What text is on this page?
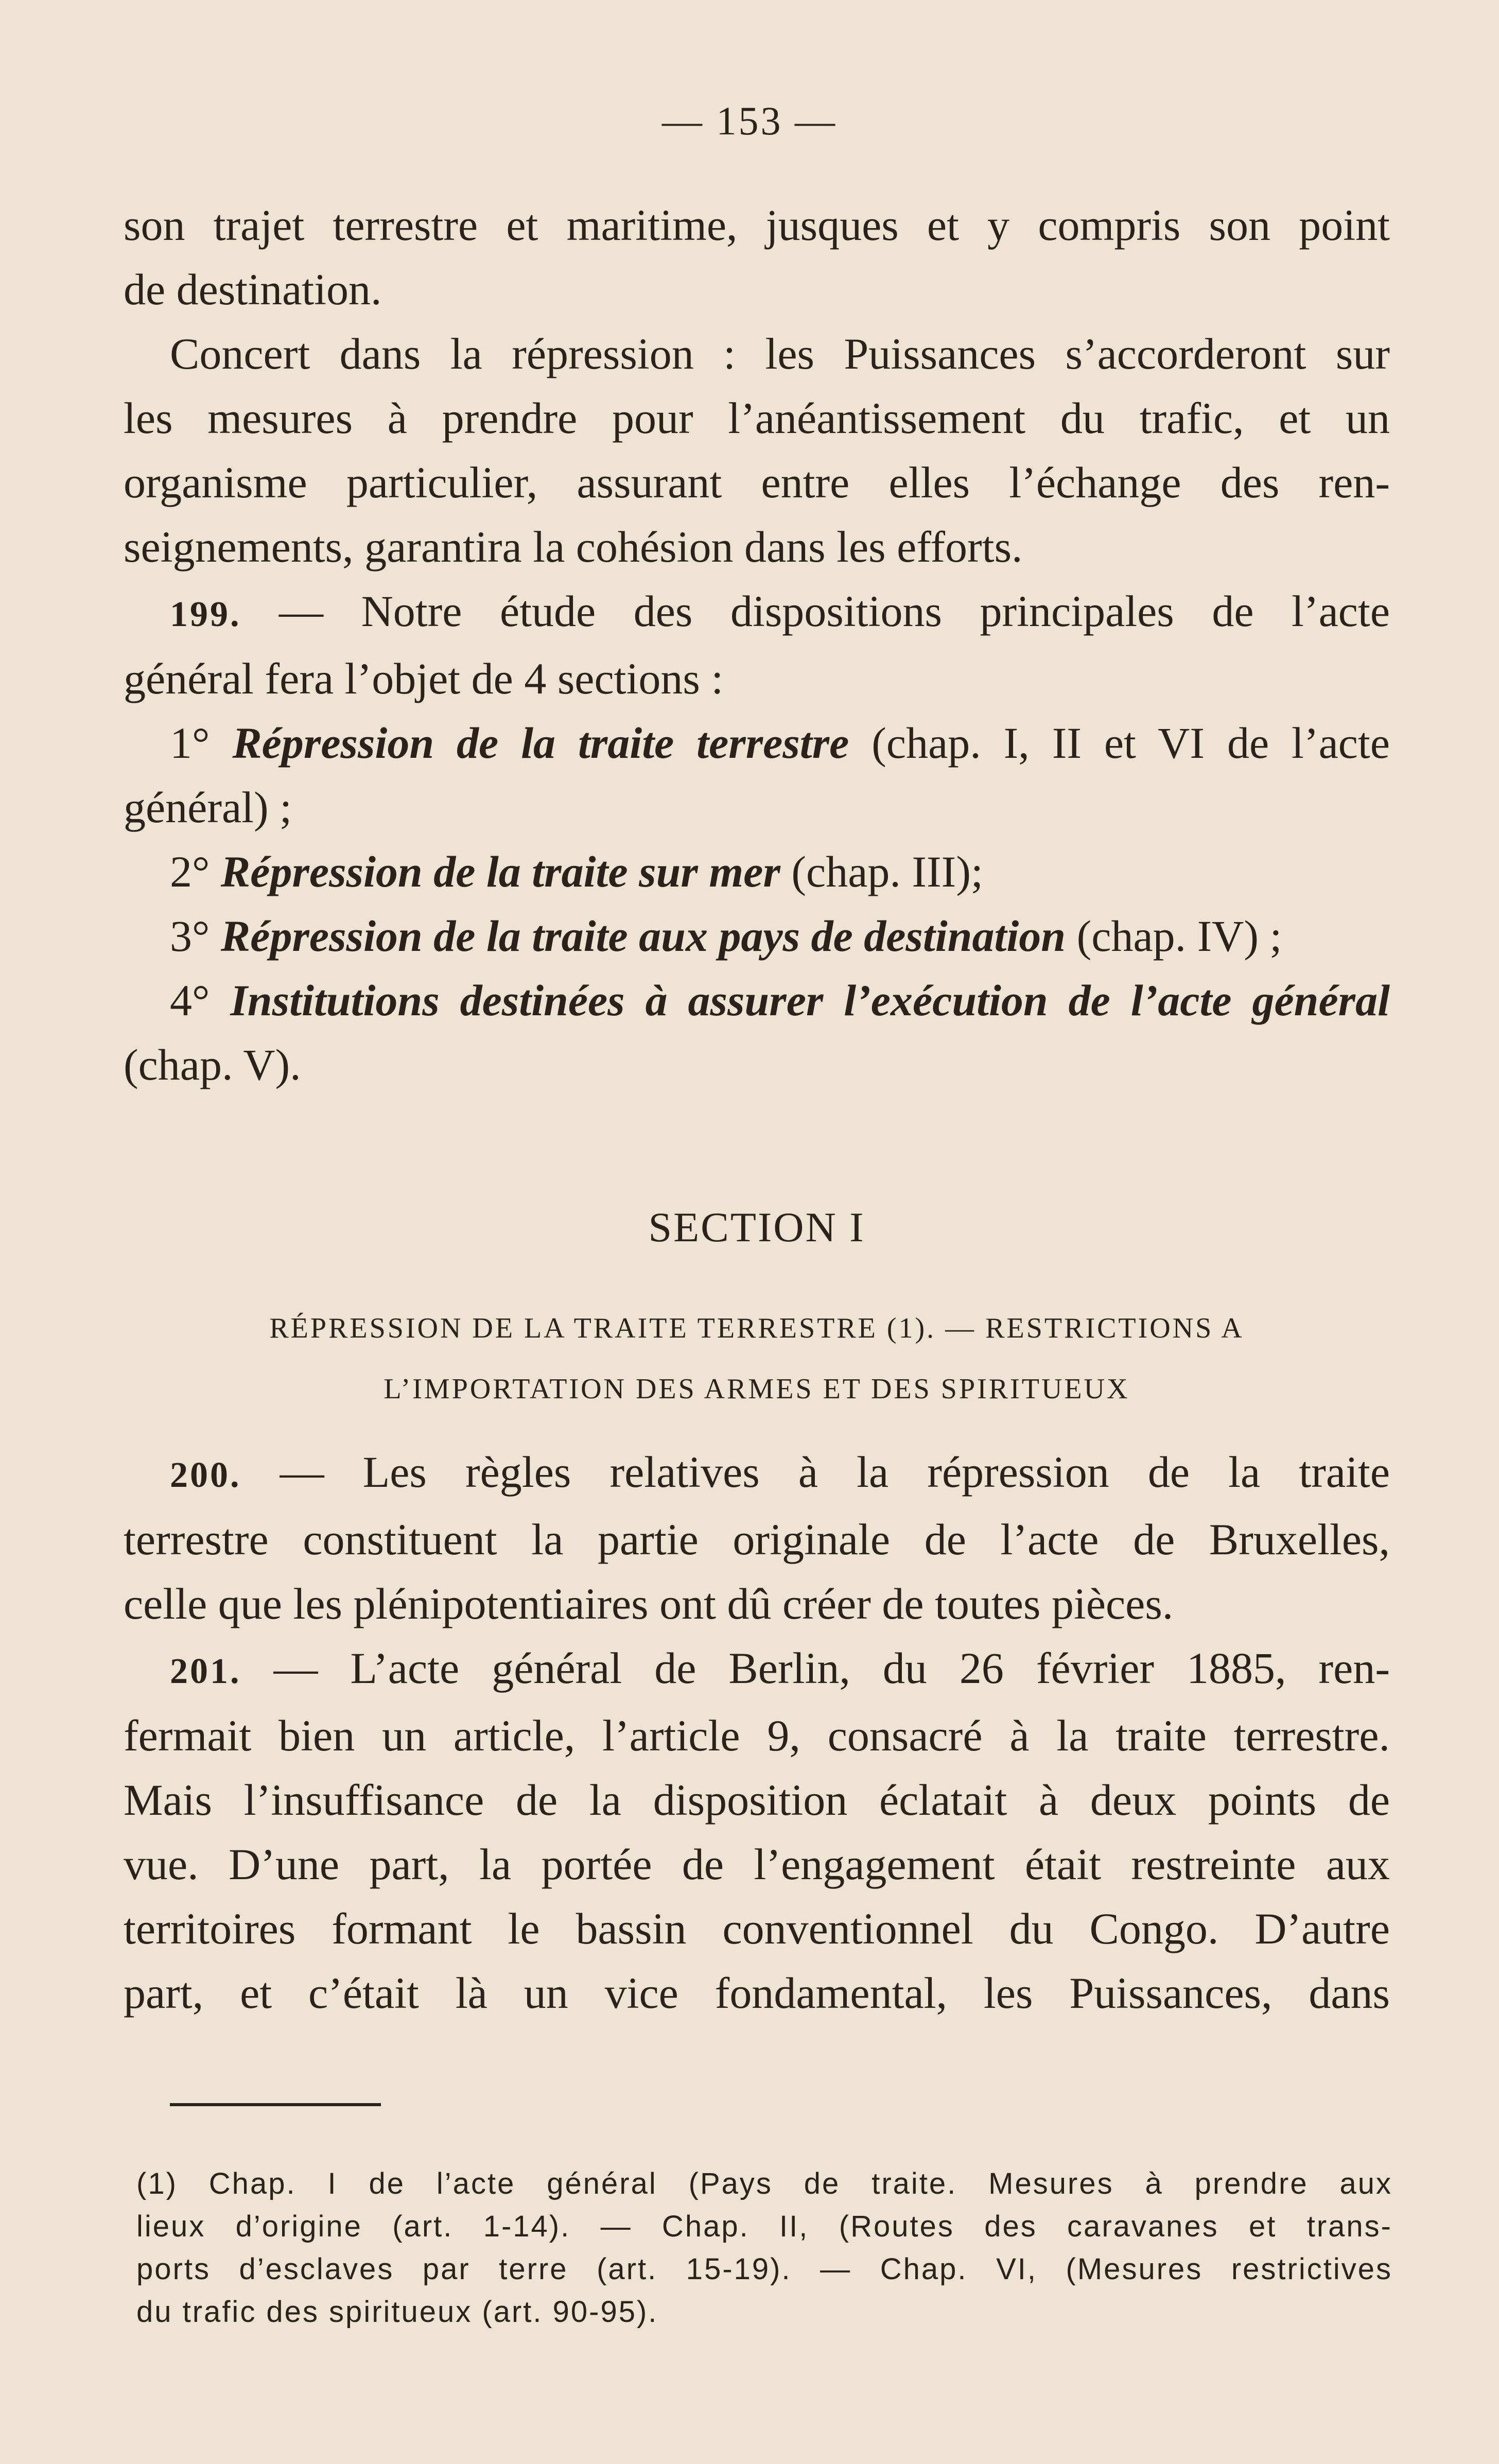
— 153 —
son trajet terrestre et maritime, jusques et y compris son point
de destination.
Concert dans la répression : les Puissances s’accorderont sur
les mesures à prendre pour l’anéantissement du trafic, et un
organisme particulier, assurant entre elles l’échange des ren-
seignements, garantira la cohésion dans les efforts.
199. — Notre étude des dispositions principales de l’acte
général fera l’objet de 4 sections :
1° Répression de la traite terrestre (chap. I, II et VI de l’acte
général) ;
2° Répression de la traite sur mer (chap. III);
3° Répression de la traite aux pays de destination (chap. IV) ;
4° Institutions destinées à assurer l’exécution de l’acte général
(chap. V).
SECTION I
RÉPRESSION DE LA TRAITE TERRESTRE (1). — RESTRICTIONS A
L’IMPORTATION DES ARMES ET DES SPIRITUEUX
200. — Les règles relatives à la répression de la traite
terrestre constituent la partie originale de l’acte de Bruxelles,
celle que les plénipotentiaires ont dû créer de toutes pièces.
201. — L’acte général de Berlin, du 26 février 1885, ren-
fermait bien un article, l’article 9, consacré à la traite terrestre.
Mais l’insuffisance de la disposition éclatait à deux points de
vue. D’une part, la portée de l’engagement était restreinte aux
territoires formant le bassin conventionnel du Congo. D’autre
part, et c’était là un vice fondamental, les Puissances, dans
(1) Chap. I de l’acte général (Pays de traite. Mesures à prendre aux
lieux d’origine (art. 1-14). — Chap. II, (Routes des caravanes et trans-
ports d’esclaves par terre (art. 15-19). — Chap. VI, (Mesures restrictives
du trafic des spiritueux (art. 90-95).
